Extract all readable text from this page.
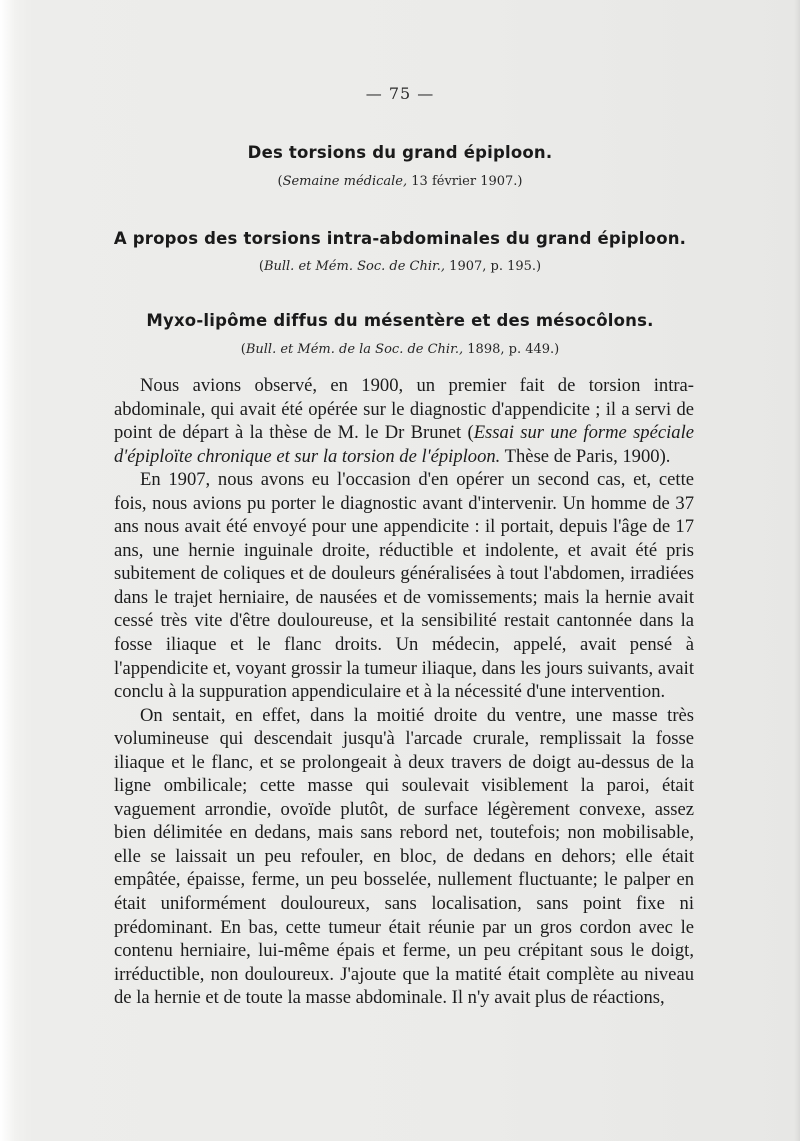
— 75 —
Des torsions du grand épiploon.
(Semaine médicale, 13 février 1907.)
A propos des torsions intra-abdominales du grand épiploon.
(Bull. et Mém. Soc. de Chir., 1907, p. 195.)
Myxo-lipôme diffus du mésentère et des mésocôlons.
(Bull. et Mém. de la Soc. de Chir., 1898, p. 449.)

Nous avions observé, en 1900, un premier fait de torsion intra-abdominale, qui avait été opérée sur le diagnostic d'appendicite ; il a servi de point de départ à la thèse de M. le Dr Brunet (Essai sur une forme spéciale d'épiploïte chronique et sur la torsion de l'épiploon. Thèse de Paris, 1900).

En 1907, nous avons eu l'occasion d'en opérer un second cas, et, cette fois, nous avions pu porter le diagnostic avant d'intervenir. Un homme de 37 ans nous avait été envoyé pour une appendicite : il portait, depuis l'âge de 17 ans, une hernie inguinale droite, réductible et indolente, et avait été pris subitement de coliques et de douleurs généralisées à tout l'abdomen, irradiées dans le trajet herniaire, de nausées et de vomissements; mais la hernie avait cessé très vite d'être douloureuse, et la sensibilité restait cantonnée dans la fosse iliaque et le flanc droits. Un médecin, appelé, avait pensé à l'appendicite et, voyant grossir la tumeur iliaque, dans les jours suivants, avait conclu à la suppuration appendiculaire et à la nécessité d'une intervention.

On sentait, en effet, dans la moitié droite du ventre, une masse très volumineuse qui descendait jusqu'à l'arcade crurale, remplissait la fosse iliaque et le flanc, et se prolongeait à deux travers de doigt au-dessus de la ligne ombilicale; cette masse qui soulevait visiblement la paroi, était vaguement arrondie, ovoïde plutôt, de surface légèrement convexe, assez bien délimitée en dedans, mais sans rebord net, toutefois; non mobilisable, elle se laissait un peu refouler, en bloc, de dedans en dehors; elle était empâtée, épaisse, ferme, un peu bosselée, nullement fluctuante; le palper en était uniformément douloureux, sans localisation, sans point fixe ni prédominant. En bas, cette tumeur était réunie par un gros cordon avec le contenu herniaire, lui-même épais et ferme, un peu crépitant sous le doigt, irréductible, non douloureux. J'ajoute que la matité était complète au niveau de la hernie et de toute la masse abdominale. Il n'y avait plus de réactions,
